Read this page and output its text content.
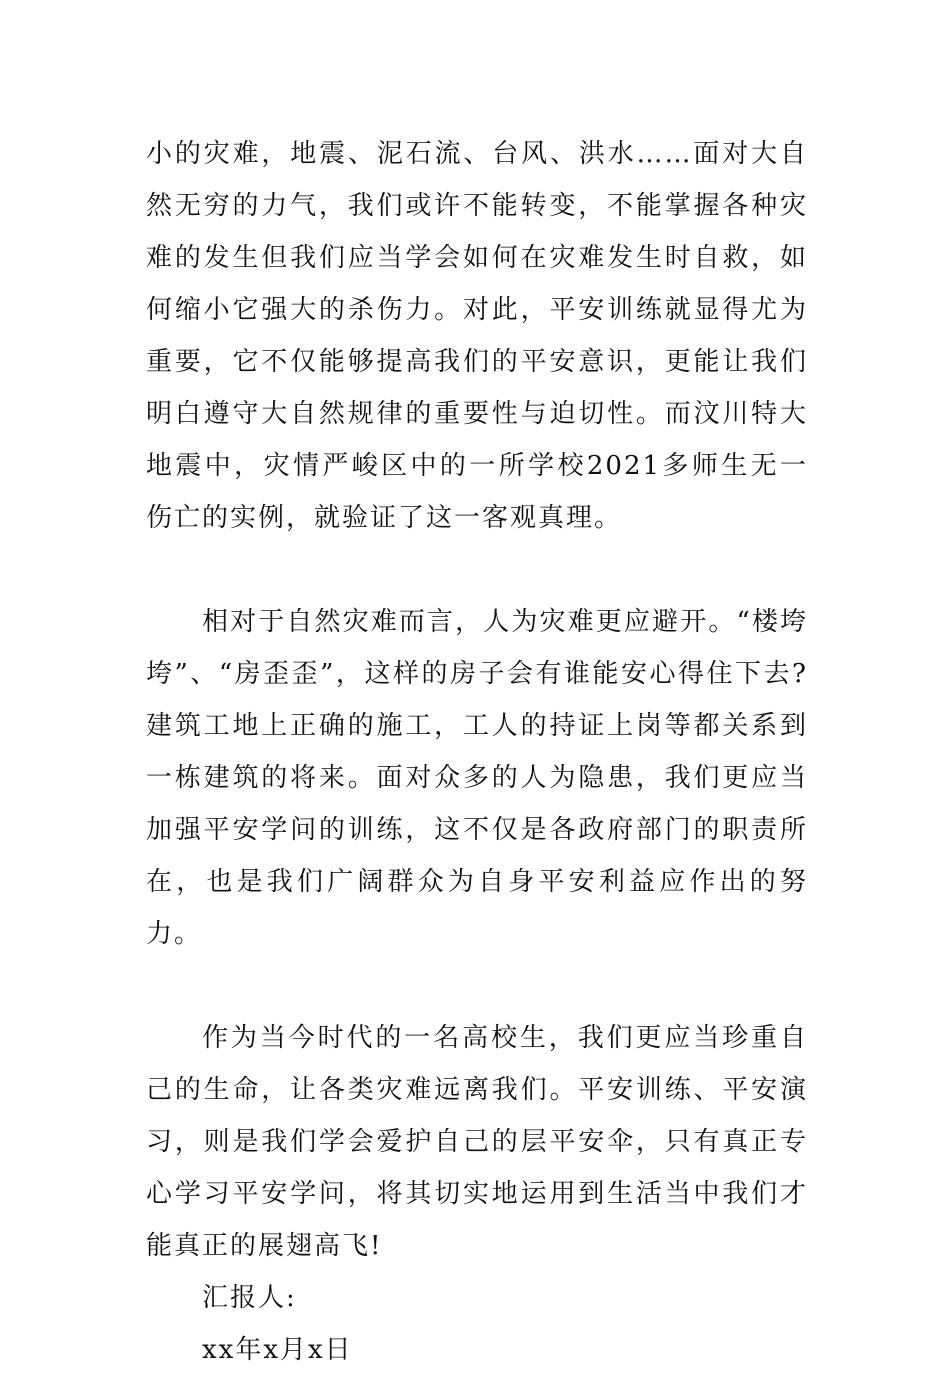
小的灾难，地震、泥石流、台风、洪水……面对大自然无穷的力气，我们或许不能转变，不能掌握各种灾难的发生但我们应当学会如何在灾难发生时自救，如何缩小它强大的杀伤力。对此，平安训练就显得尤为重要，它不仅能够提高我们的平安意识，更能让我们明白遵守大自然规律的重要性与迫切性。而汶川特大地震中，灾情严峻区中的一所学校2021多师生无一伤亡的实例，就验证了这一客观真理。

相对于自然灾难而言，人为灾难更应避开。“楼垮垮”、“房歪歪”，这样的房子会有谁能安心得住下去?建筑工地上正确的施工，工人的持证上岗等都关系到一栋建筑的将来。面对众多的人为隐患，我们更应当加强平安学问的训练，这不仅是各政府部门的职责所在，也是我们广阔群众为自身平安利益应作出的努力。

作为当今时代的一名高校生，我们更应当珍重自己的生命，让各类灾难远离我们。平安训练、平安演习，则是我们学会爱护自己的层平安伞，只有真正专心学习平安学问，将其切实地运用到生活当中我们才能真正的展翅高飞!

汇报人:

xx年x月x日
